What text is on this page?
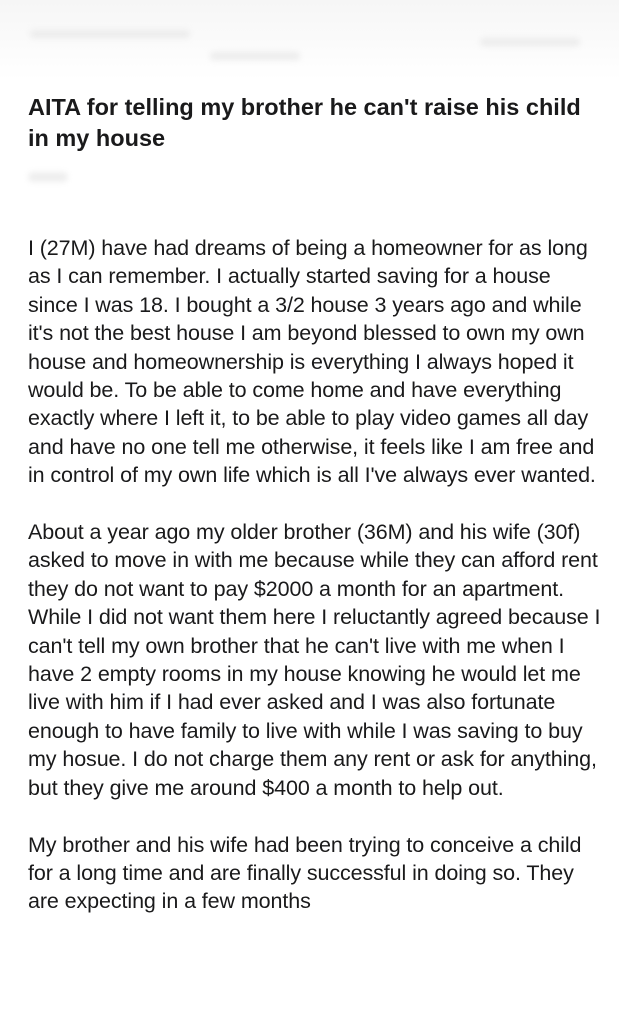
AITA for telling my brother he can't raise his child in my house

I (27M) have had dreams of being a homeowner for as long as I can remember. I actually started saving for a house since I was 18. I bought a 3/2 house 3 years ago and while it's not the best house I am beyond blessed to own my own house and homeownership is everything I always hoped it would be. To be able to come home and have everything exactly where I left it, to be able to play video games all day and have no one tell me otherwise, it feels like I am free and in control of my own life which is all I've always ever wanted.

About a year ago my older brother (36M) and his wife (30f) asked to move in with me because while they can afford rent they do not want to pay $2000 a month for an apartment. While I did not want them here I reluctantly agreed because I can't tell my own brother that he can't live with me when I have 2 empty rooms in my house knowing he would let me live with him if I had ever asked and I was also fortunate enough to have family to live with while I was saving to buy my hosue. I do not charge them any rent or ask for anything, but they give me around $400 a month to help out.

My brother and his wife had been trying to conceive a child for a long time and are finally successful in doing so. They are expecting in a few months
